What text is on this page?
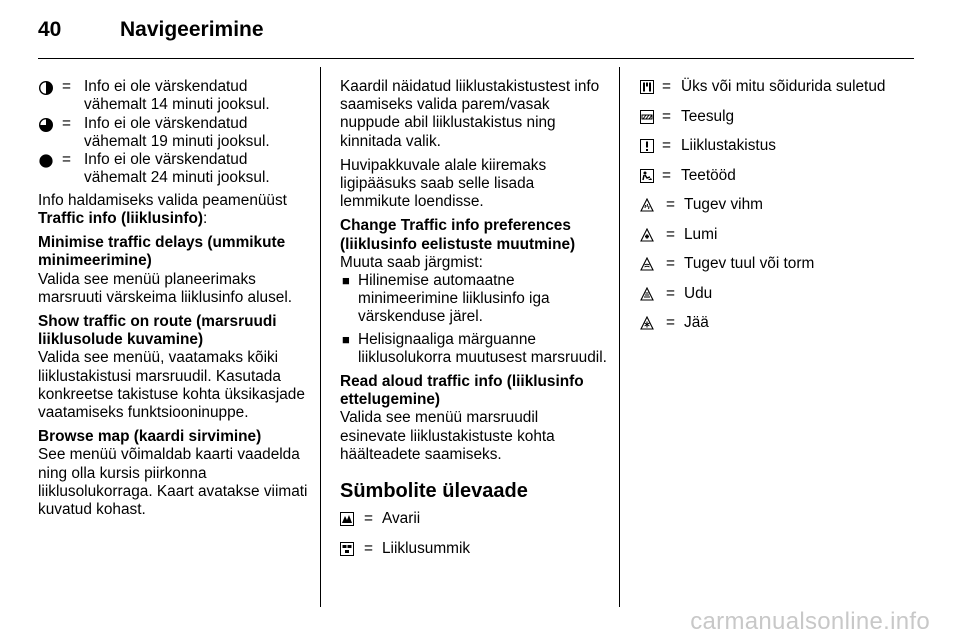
40	Navigeerimine
= Info ei ole värskendatud vähemalt 14 minuti jooksul.
= Info ei ole värskendatud vähemalt 19 minuti jooksul.
= Info ei ole värskendatud vähemalt 24 minuti jooksul.

Info haldamiseks valida peamenüüst
Traffic info (liiklusinfo):

Minimise traffic delays (ummikute minimeerimine)

Valida see menüü planeerimaks marsruuti värskeima liiklusinfo alusel.

Show traffic on route (marsruudi liiklusolude kuvamine)

Valida see menüü, vaatamaks kõiki liiklustakistusi marsruudil. Kasutada konkreetse takistuse kohta üksikasjade vaatamiseks funktsiooninuppe.

Browse map (kaardi sirvimine)

See menüü võimaldab kaarti vaadelda ning olla kursis piirkonna liiklusolukorraga. Kaart avatakse viimati kuvatud kohast.

Kaardil näidatud liiklustakistustest info saamiseks valida parem/vasak nuppude abil liiklustakistus ning kinnitada valik.

Huvipakkuvale alale kiiremaks ligipääsuks saab selle lisada lemmikute loendisse.

Change Traffic info preferences (liiklusinfo eelistuste muutmine)

Muuta saab järgmist:

■ Hilinemise automaatne minimeerimine liiklusinfo iga värskenduse järel.
■ Helisignaaliga märguanne liiklusolukorra muutusest marsruudil.
Read aloud traffic info (liiklusinfo ettelugemine)

Valida see menüü marsruudil esinevate liiklustakistuste kohta häälteadete saamiseks.

Sümbolite ülevaade
= Avarii
= Liiklusummik
= Üks või mitu sõidurida suletud
= Teesulg
= Liiklustakistus
= Teetööd
= Tugev vihm
= Lumi
= Tugev tuul või torm
= Udu
= Jää
carmanualsonline.info
